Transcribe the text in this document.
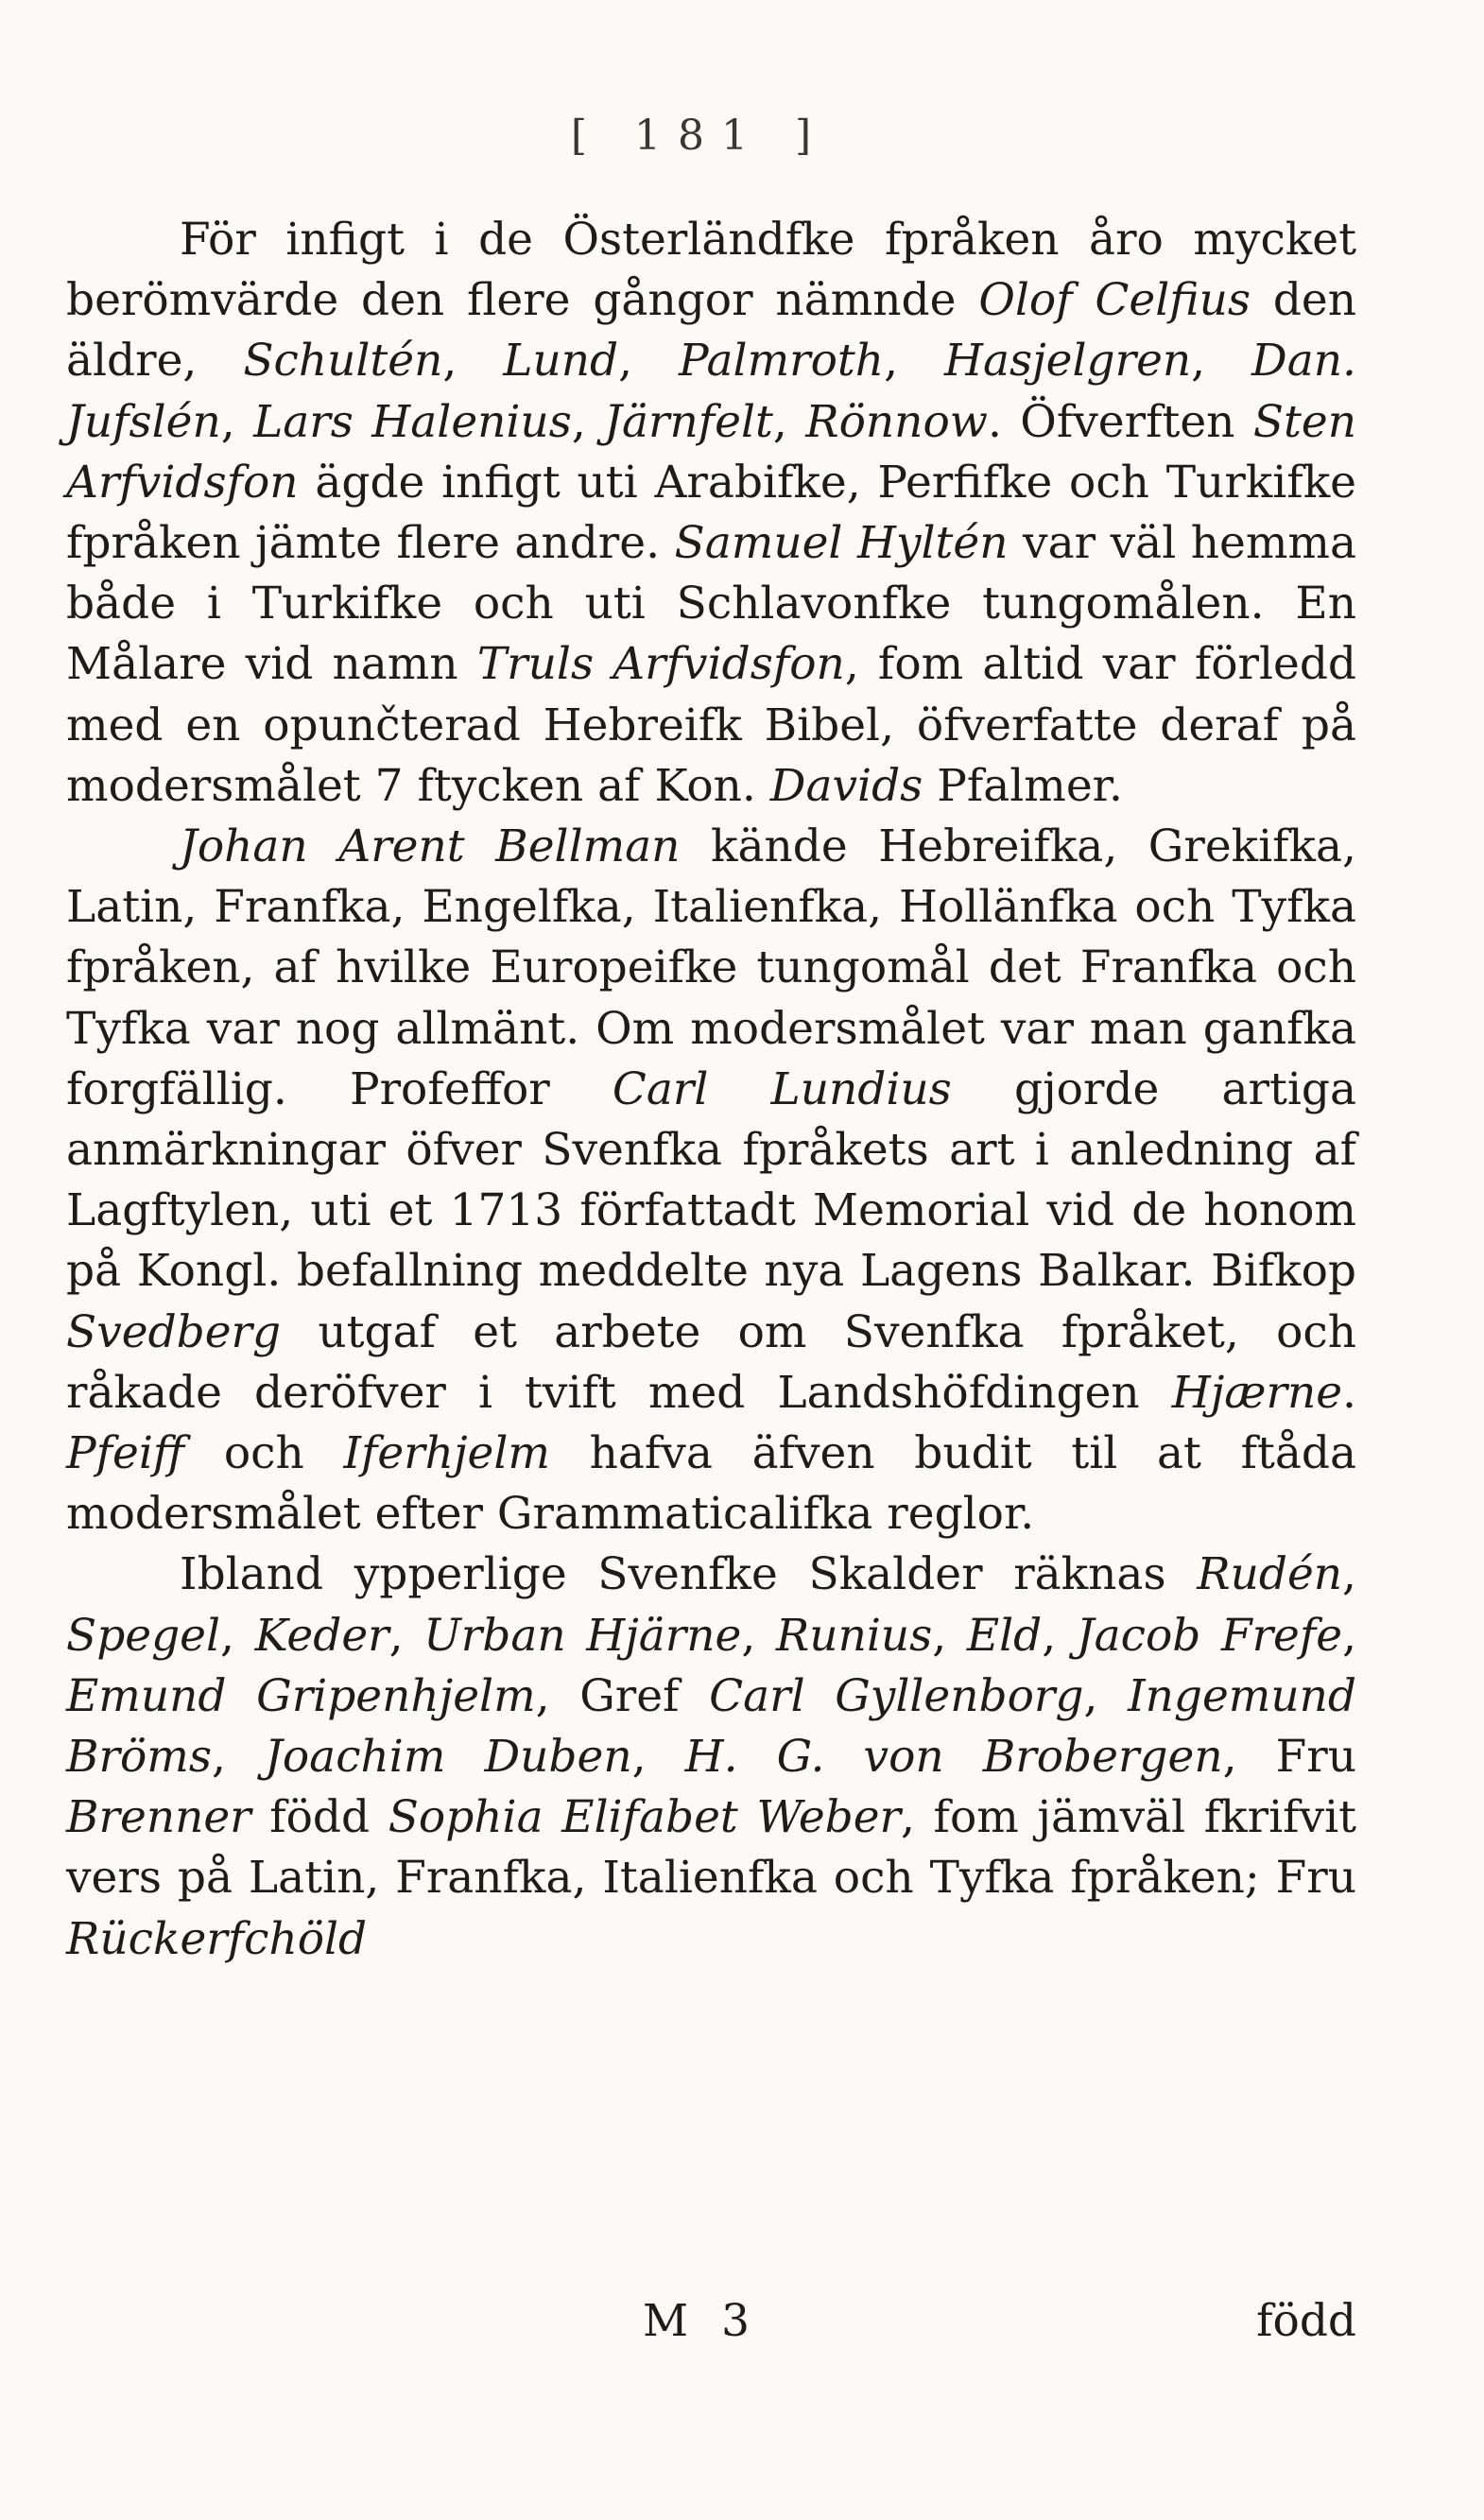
[ 181 ]

För infigt i de Österländfke fpråken åro mycket berömvärde den flere gångor nämnde Olof Celfius den äldre, Schultén, Lund, Palmroth, Hasjelgren, Dan. Jufslén, Lars Halenius, Järnfelt, Rönnow. Öfverften Sten Arfvidsfon ägde infigt uti Arabifke, Perfifke och Turkifke fpråken jämte flere andre. Samuel Hyltén var väl hemma både i Turkifke och uti Schlavonfke tungomålen. En Målare vid namn Truls Arfvidsfon, fom altid var förledd med en opunčterad Hebreifk Bibel, öfverfatte deraf på modersmålet 7 ftycken af Kon. Davids Pfalmer.

Johan Arent Bellman kände Hebreifka, Grekifka, Latin, Franfka, Engelfka, Italienfka, Hollänfka och Tyfka fpråken, af hvilke Europeifke tungomål det Franfka och Tyfka var nog allmänt. Om modersmålet var man ganfka forgfällig. Profeffor Carl Lundius gjorde artiga anmärkningar öfver Svenfka fpråkets art i anledning af Lagftylen, uti et 1713 författadt Memorial vid de honom på Kongl. befallning meddelte nya Lagens Balkar. Bifkop Svedberg utgaf et arbete om Svenfka fpråket, och råkade deröfver i tvift med Landshöfdingen Hjærne. Pfeiff och Iferhjelm hafva äfven budit til at ftåda modersmålet efter Grammaticalifka reglor.

Ibland ypperlige Svenfke Skalder räknas Rudén, Spegel, Keder, Urban Hjärne, Runius, Eld, Jacob Frefe, Emund Gripenhjelm, Gref Carl Gyllenborg, Ingemund Bröms, Joachim Duben, H. G. von Brobergen, Fru Brenner född Sophia Elifabet Weber, fom jämväl fkrifvit vers på Latin, Franfka, Italienfka och Tyfka fpråken; Fru Rückerfchöld

M 3	född
